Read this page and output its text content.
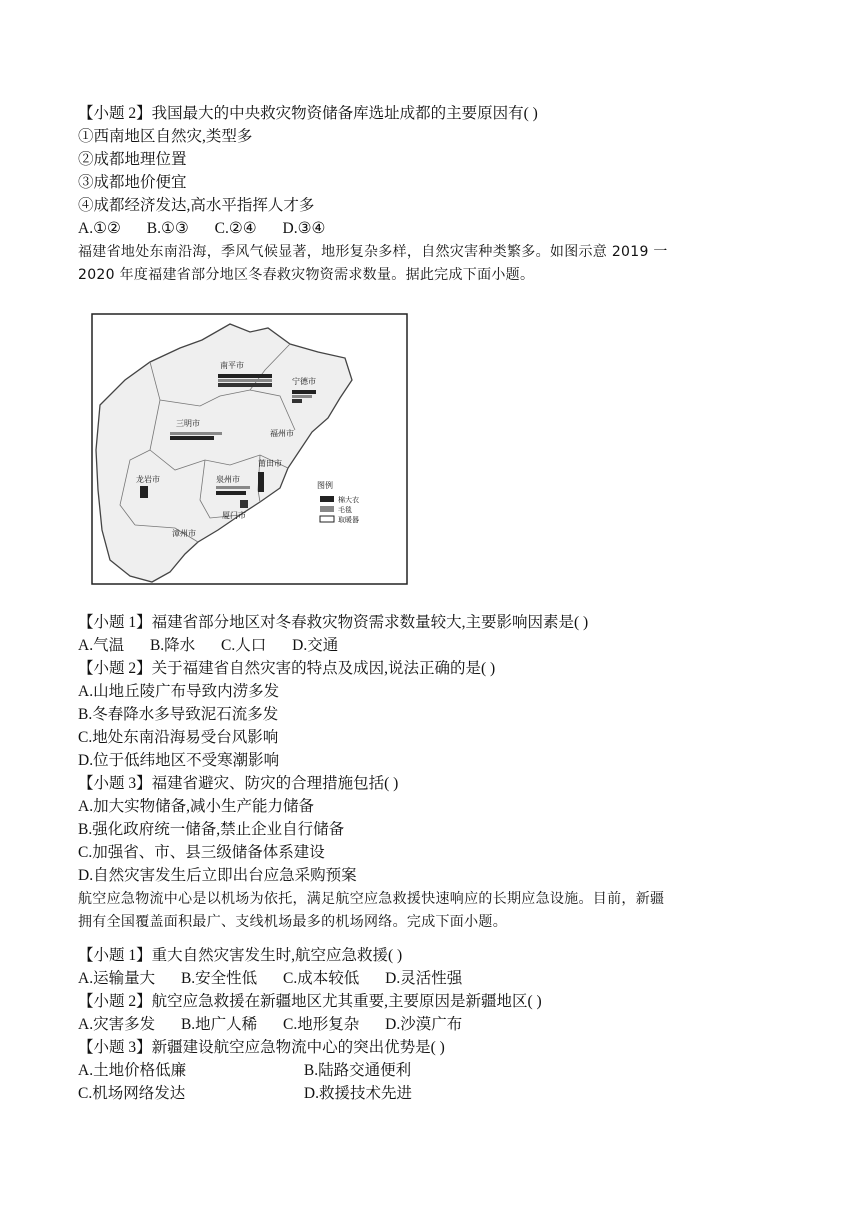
【小题 2】我国最大的中央救灾物资储备库选址成都的主要原因有( )
①西南地区自然灾,类型多
②成都地理位置
③成都地价便宜
④成都经济发达,高水平指挥人才多
A.①② B.①③ C.②④ D.③④
福建省地处东南沿海，季风气候显著，地形复杂多样，自然灾害种类繁多。如图示意 2019 一
2020 年度福建省部分地区冬春救灾物资需求数量。据此完成下面小题。
南平市
宁德市
三明市
福州市
莆田市
龙岩市	泉州市
厦门市
漳州市
图例
棉大衣
毛毯
取暖器
【小题 1】福建省部分地区对冬春救灾物资需求数量较大,主要影响因素是( )
A.气温 B.降水 C.人口 D.交通
【小题 2】关于福建省自然灾害的特点及成因,说法正确的是( )
A.山地丘陵广布导致内涝多发
B.冬春降水多导致泥石流多发
C.地处东南沿海易受台风影响
D.位于低纬地区不受寒潮影响
【小题 3】福建省避灾、防灾的合理措施包括( )
A.加大实物储备,减小生产能力储备
B.强化政府统一储备,禁止企业自行储备
C.加强省、市、县三级储备体系建设
D.自然灾害发生后立即出台应急采购预案
航空应急物流中心是以机场为依托，满足航空应急救援快速响应的长期应急设施。目前，新疆
拥有全国覆盖面积最广、支线机场最多的机场网络。完成下面小题。
【小题 1】重大自然灾害发生时,航空应急救援( )
A.运输量大 B.安全性低 C.成本较低 D.灵活性强
【小题 2】航空应急救援在新疆地区尤其重要,主要原因是新疆地区( )
A.灾害多发 B.地广人稀 C.地形复杂 D.沙漠广布
【小题 3】新疆建设航空应急物流中心的突出优势是( )
A.土地价格低廉	B.陆路交通便利
C.机场网络发达	D.救援技术先进
